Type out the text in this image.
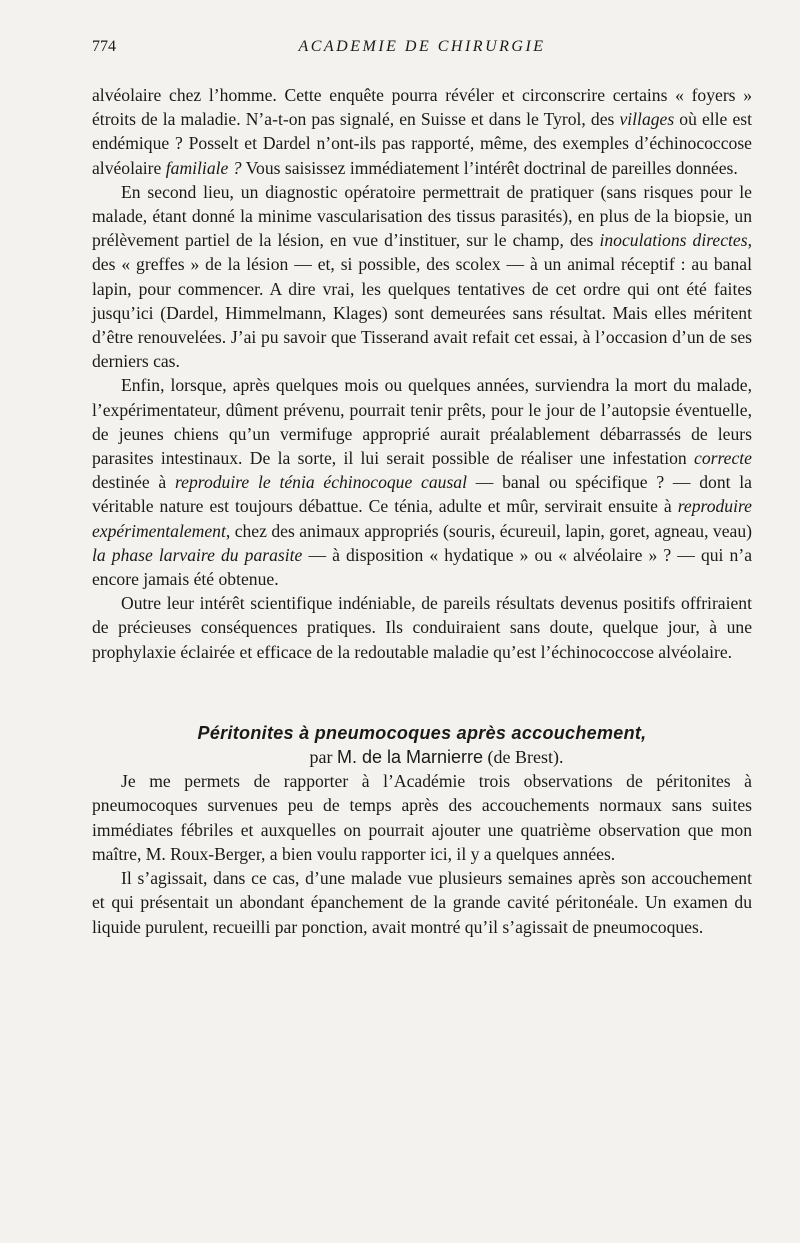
774	ACADEMIE DE CHIRURGIE

alvéolaire chez l’homme. Cette enquête pourra révéler et circonscrire certains « foyers » étroits de la maladie. N’a-t-on pas signalé, en Suisse et dans le Tyrol, des villages où elle est endémique ? Posselt et Dardel n’ont-ils pas rapporté, même, des exemples d’échinococcose alvéolaire familiale ? Vous saisissez immédiatement l’intérêt doctrinal de pareilles données.

En second lieu, un diagnostic opératoire permettrait de pratiquer (sans risques pour le malade, étant donné la minime vascularisation des tissus parasités), en plus de la biopsie, un prélèvement partiel de la lésion, en vue d’instituer, sur le champ, des inoculations directes, des « greffes » de la lésion — et, si possible, des scolex — à un animal réceptif : au banal lapin, pour commencer. A dire vrai, les quelques tentatives de cet ordre qui ont été faites jusqu’ici (Dardel, Himmelmann, Klages) sont demeurées sans résultat. Mais elles méritent d’être renouvelées. J’ai pu savoir que Tisserand avait refait cet essai, à l’occasion d’un de ses derniers cas.

Enfin, lorsque, après quelques mois ou quelques années, surviendra la mort du malade, l’expérimentateur, dûment prévenu, pourrait tenir prêts, pour le jour de l’autopsie éventuelle, de jeunes chiens qu’un vermifuge approprié aurait préalablement débarrassés de leurs parasites intestinaux. De la sorte, il lui serait possible de réaliser une infestation correcte destinée à reproduire le ténia échinocoque causal — banal ou spécifique ? — dont la véritable nature est toujours débattue. Ce ténia, adulte et mûr, servirait ensuite à reproduire expérimentalement, chez des animaux appropriés (souris, écureuil, lapin, goret, agneau, veau) la phase larvaire du parasite — à disposition « hydatique » ou « alvéolaire » ? — qui n’a encore jamais été obtenue.

Outre leur intérêt scientifique indéniable, de pareils résultats devenus positifs offriraient de précieuses conséquences pratiques. Ils conduiraient sans doute, quelque jour, à une prophylaxie éclairée et efficace de la redoutable maladie qu’est l’échinococcose alvéolaire.

Péritonites à pneumocoques après accouchement,

par M. de la Marnierre (de Brest).

Je me permets de rapporter à l’Académie trois observations de péritonites à pneumocoques survenues peu de temps après des accouchements normaux sans suites immédiates fébriles et auxquelles on pourrait ajouter une quatrième observation que mon maître, M. Roux-Berger, a bien voulu rapporter ici, il y a quelques années.

Il s’agissait, dans ce cas, d’une malade vue plusieurs semaines après son accouchement et qui présentait un abondant épanchement de la grande cavité péritonéale. Un examen du liquide purulent, recueilli par ponction, avait montré qu’il s’agissait de pneumocoques.
